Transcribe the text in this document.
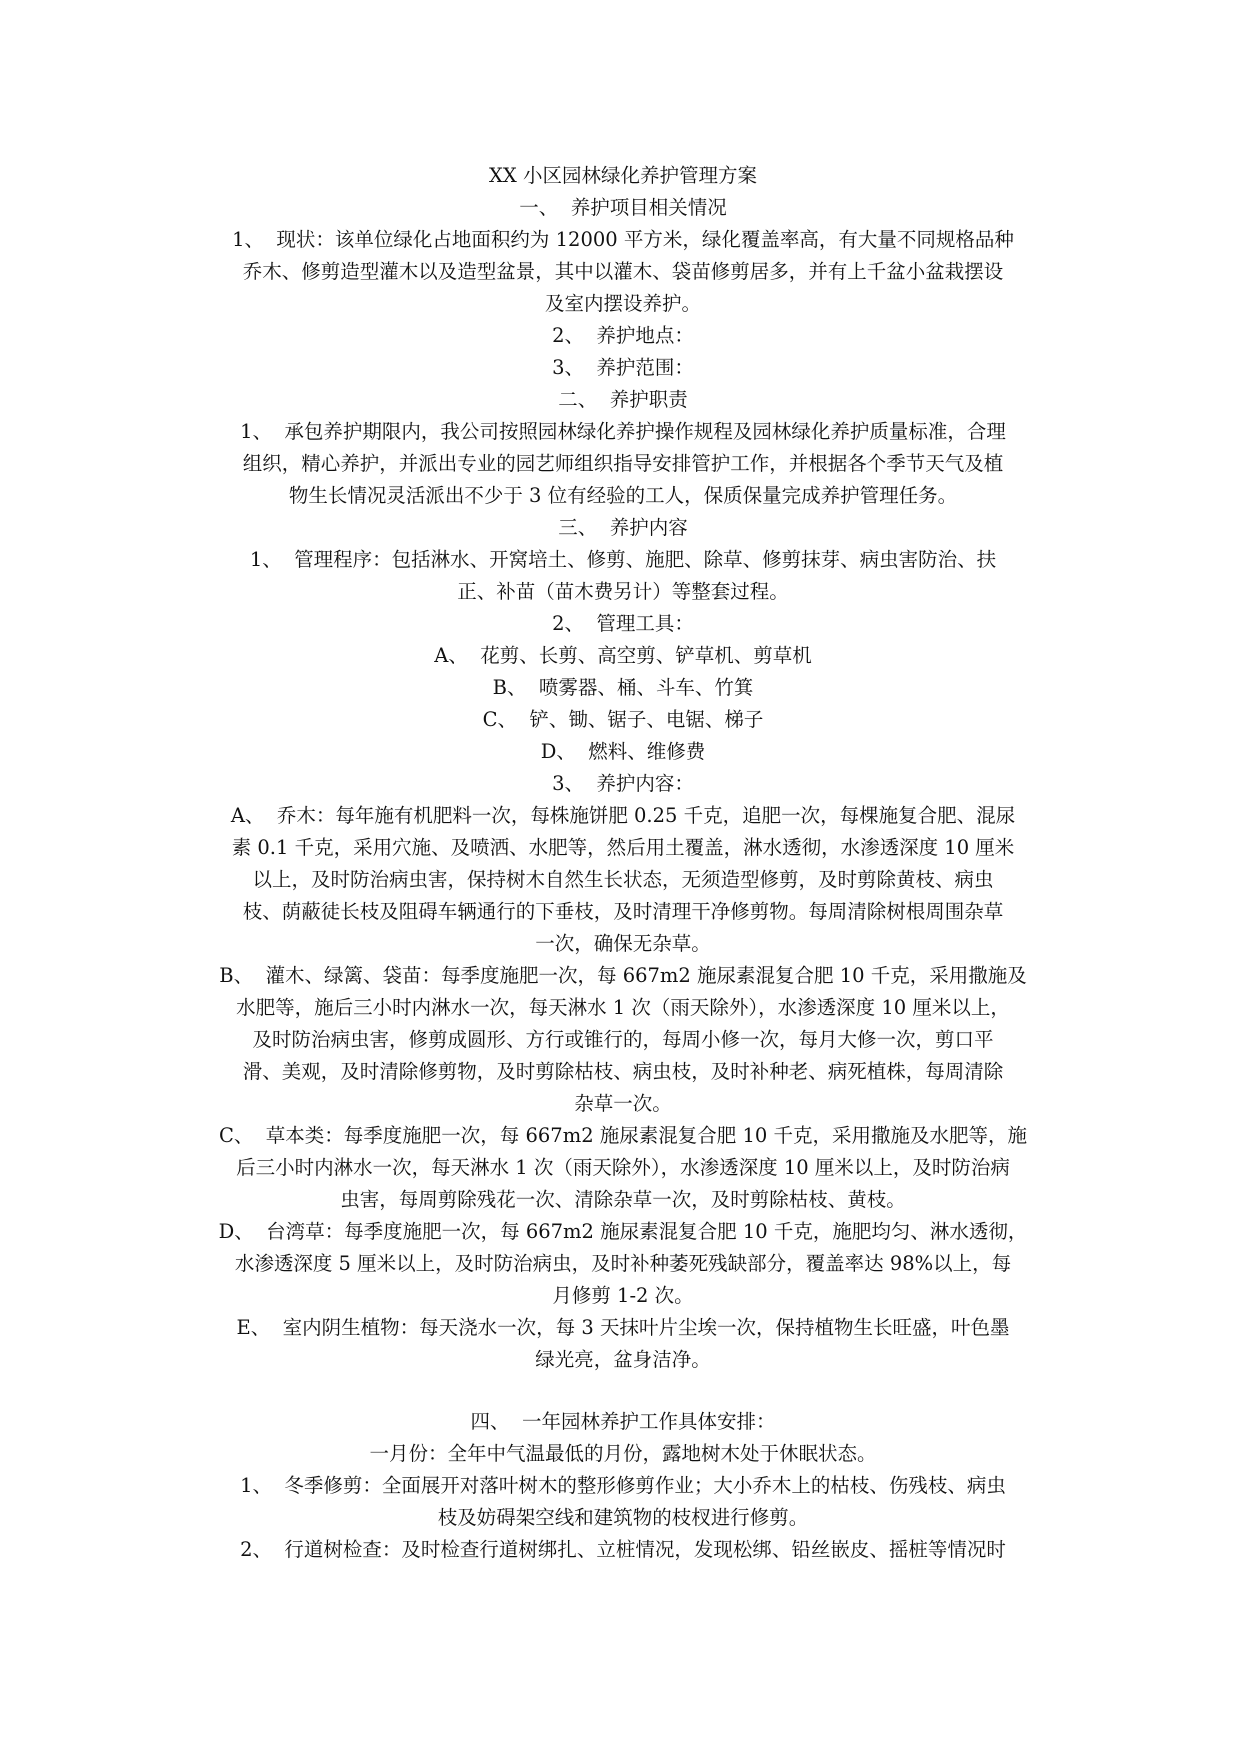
XX 小区园林绿化养护管理方案
一、  养护项目相关情况
1、  现状：该单位绿化占地面积约为 12000 平方米，绿化覆盖率高，有大量不同规格品种
乔木、修剪造型灌木以及造型盆景，其中以灌木、袋苗修剪居多，并有上千盆小盆栽摆设
及室内摆设养护。
2、  养护地点：
3、  养护范围：
二、  养护职责
1、  承包养护期限内，我公司按照园林绿化养护操作规程及园林绿化养护质量标准，合理
组织，精心养护，并派出专业的园艺师组织指导安排管护工作，并根据各个季节天气及植
物生长情况灵活派出不少于 3 位有经验的工人，保质保量完成养护管理任务。
三、  养护内容
1、  管理程序：包括淋水、开窝培土、修剪、施肥、除草、修剪抹芽、病虫害防治、扶
正、补苗（苗木费另计）等整套过程。
2、  管理工具：
A、  花剪、长剪、高空剪、铲草机、剪草机
B、  喷雾器、桶、斗车、竹箕
C、  铲、锄、锯子、电锯、梯子
D、  燃料、维修费
3、  养护内容：
A、  乔木：每年施有机肥料一次，每株施饼肥 0.25 千克，追肥一次，每棵施复合肥、混尿
素 0.1 千克，采用穴施、及喷洒、水肥等，然后用土覆盖，淋水透彻，水渗透深度 10 厘米
以上，及时防治病虫害，保持树木自然生长状态，无须造型修剪，及时剪除黄枝、病虫
枝、荫蔽徒长枝及阻碍车辆通行的下垂枝，及时清理干净修剪物。每周清除树根周围杂草
一次，确保无杂草。
B、  灌木、绿篱、袋苗：每季度施肥一次，每 667m2 施尿素混复合肥 10 千克，采用撒施及
水肥等，施后三小时内淋水一次，每天淋水 1 次（雨天除外），水渗透深度 10 厘米以上，
及时防治病虫害，修剪成圆形、方行或锥行的，每周小修一次，每月大修一次，剪口平
滑、美观，及时清除修剪物，及时剪除枯枝、病虫枝，及时补种老、病死植株，每周清除
杂草一次。
C、  草本类：每季度施肥一次，每 667m2 施尿素混复合肥 10 千克，采用撒施及水肥等，施
后三小时内淋水一次，每天淋水 1 次（雨天除外），水渗透深度 10 厘米以上，及时防治病
虫害，每周剪除残花一次、清除杂草一次，及时剪除枯枝、黄枝。
D、  台湾草：每季度施肥一次，每 667m2 施尿素混复合肥 10 千克，施肥均匀、淋水透彻，
水渗透深度 5 厘米以上，及时防治病虫，及时补种萎死残缺部分，覆盖率达 98%以上，每
月修剪 1-2 次。
E、  室内阴生植物：每天浇水一次，每 3 天抹叶片尘埃一次，保持植物生长旺盛，叶色墨
绿光亮，盆身洁净。
四、  一年园林养护工作具体安排：
一月份：全年中气温最低的月份，露地树木处于休眠状态。
1、  冬季修剪：全面展开对落叶树木的整形修剪作业；大小乔木上的枯枝、伤残枝、病虫
枝及妨碍架空线和建筑物的枝杈进行修剪。
2、  行道树检查：及时检查行道树绑扎、立桩情况，发现松绑、铅丝嵌皮、摇桩等情况时
